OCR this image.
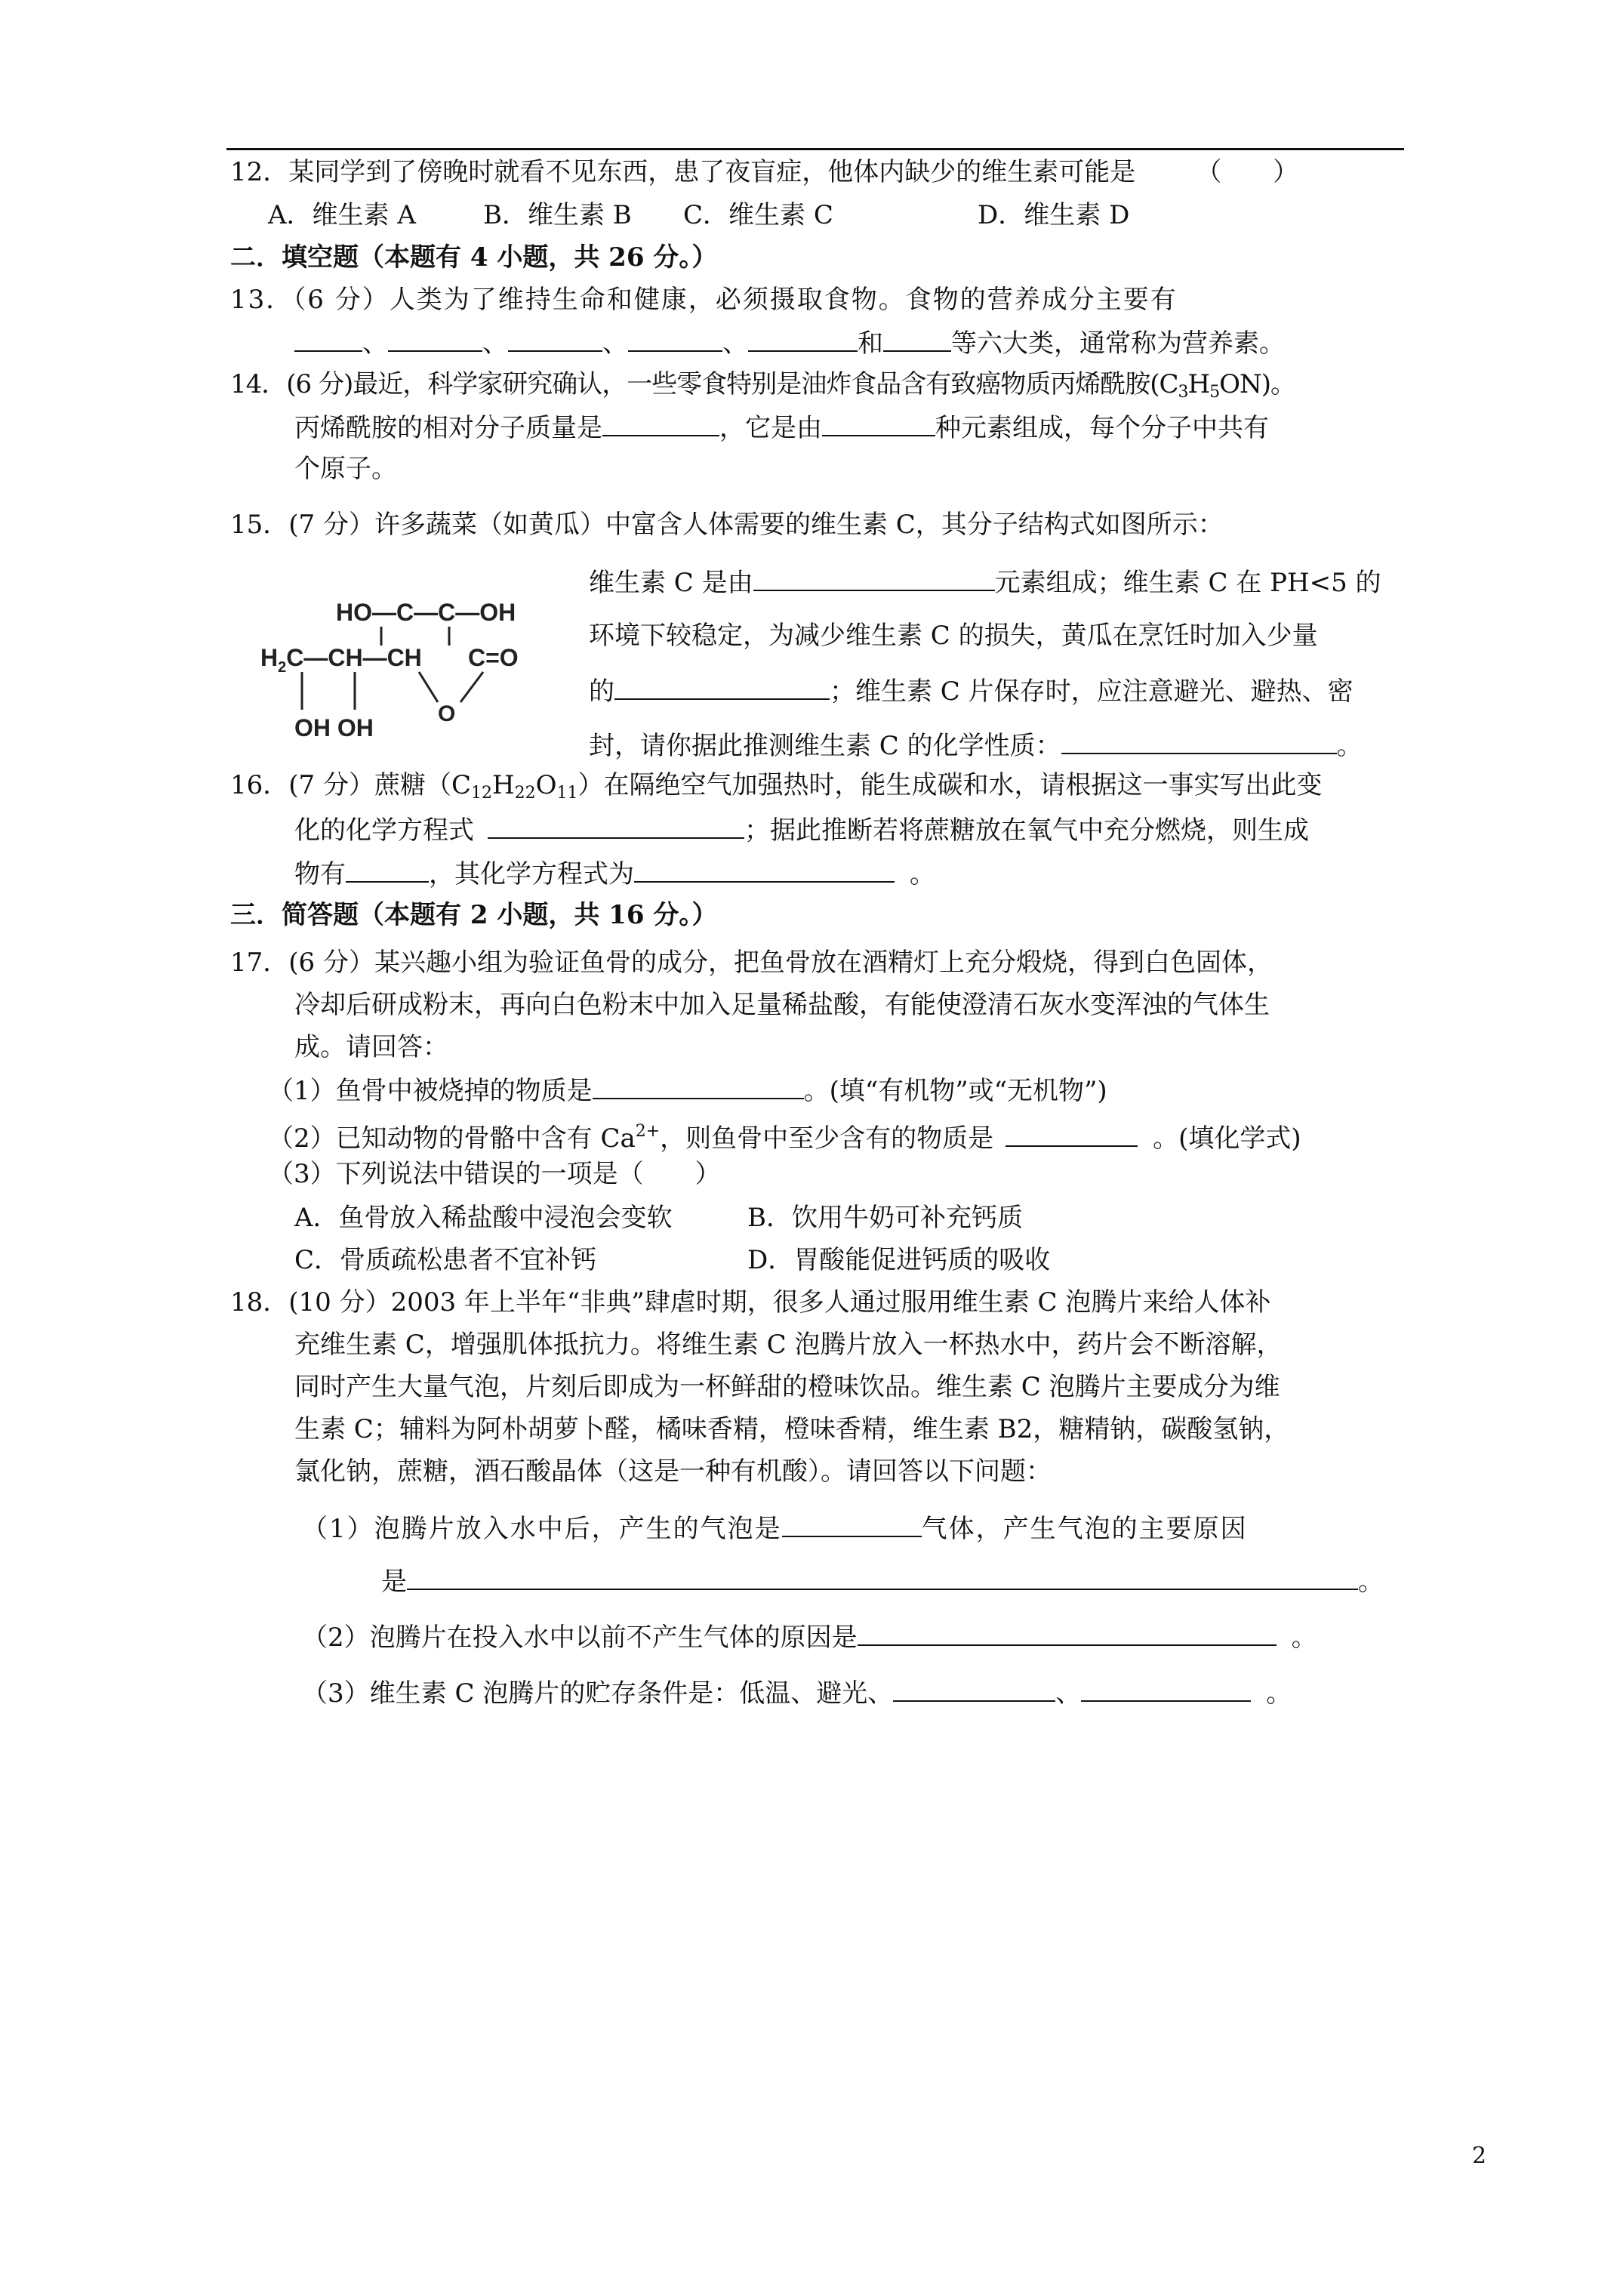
12．某同学到了傍晚时就看不见东西，患了夜盲症，他体内缺少的维生素可能是 （　　）
A．维生素 A	B．维生素 B C．维生素 C	D．维生素 D
二．填空题（本题有 4 小题，共 26 分。）
13．（6 分）人类为了维持生命和健康，必须摄取食物。食物的营养成分主要有
、	、	、	、	和	等六大类，通常称为营养素。
14．(6 分)最近，科学家研究确认，一些零食特别是油炸食品含有致癌物质丙烯酰胺$(C_3H_5ON)$。
丙烯酰胺的相对分子质量是	，它是由	种元素组成，每个分子中共有
个原子。
15．(7 分）许多蔬菜（如黄瓜）中富含人体需要的维生素 C，其分子结构式如图所示：
HO—C—C—OH
$H_2C—CH—CH$ C=O
O
OH OH
维生素 C 是由	元素组成；维生素 C 在 PH<5 的
环境下较稳定，为减少维生素 C 的损失，黄瓜在烹饪时加入少量
的	；维生素 C 片保存时，应注意避光、避热、密
封，请你据此推测维生素 C 的化学性质：	。
16．(7 分）蔗糖$(C_{12}H_{22}O_{11})$在隔绝空气加强热时，能生成碳和水，请根据这一事实写出此变
化的化学方程式	；据此推断若将蔗糖放在氧气中充分燃烧，则生成
物有	，其化学方程式为	。
三．简答题（本题有 2 小题，共 16 分。）
17．(6 分）某兴趣小组为验证鱼骨的成分，把鱼骨放在酒精灯上充分煅烧，得到白色固体，
冷却后研成粉末，再向白色粉末中加入足量稀盐酸，有能使澄清石灰水变浑浊的气体生
成。请回答：
（1）鱼骨中被烧掉的物质是	。(填“有机物”或“无机物”)
（2）已知动物的骨骼中含有 $Ca^{2+}$，则鱼骨中至少含有的物质是	。(填化学式)
（3）下列说法中错误的一项是（　　）
A．鱼骨放入稀盐酸中浸泡会变软	B．饮用牛奶可补充钙质
C．骨质疏松患者不宜补钙	D．胃酸能促进钙质的吸收
18．(10 分）2003 年上半年“非典”肆虐时期，很多人通过服用维生素 C 泡腾片来给人体补
充维生素 C，增强肌体抵抗力。将维生素 C 泡腾片放入一杯热水中，药片会不断溶解，
同时产生大量气泡，片刻后即成为一杯鲜甜的橙味饮品。维生素 C 泡腾片主要成分为维
生素 C；辅料为阿朴胡萝卜醛，橘味香精，橙味香精，维生素 B2，糖精钠，碳酸氢钠，
氯化钠，蔗糖，酒石酸晶体（这是一种有机酸）。请回答以下问题：
（1）泡腾片放入水中后，产生的气泡是	气体，产生气泡的主要原因
是	。
（2）泡腾片在投入水中以前不产生气体的原因是	。
（3）维生素 C 泡腾片的贮存条件是：低温、避光、	、	。
2
